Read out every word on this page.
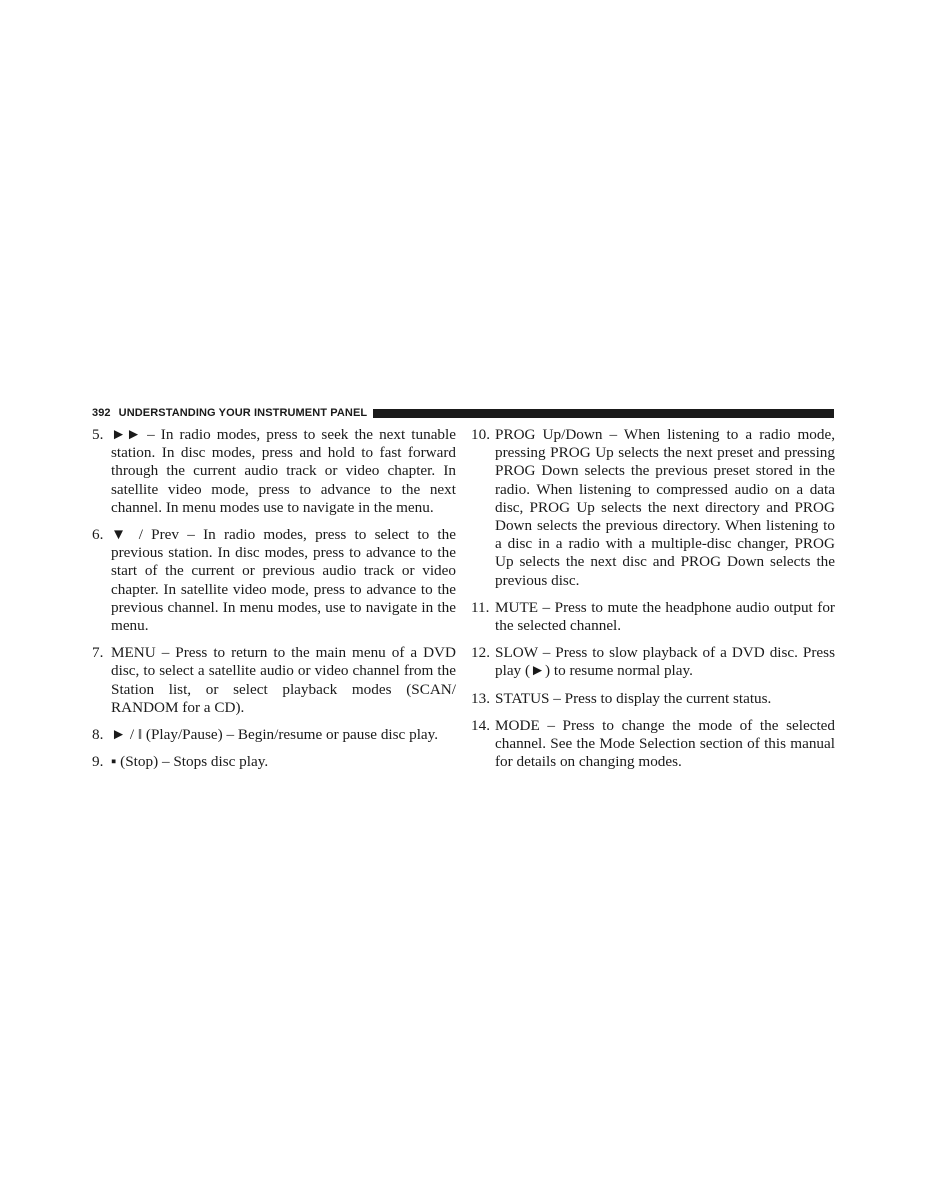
392 UNDERSTANDING YOUR INSTRUMENT PANEL
5. ►► – In radio modes, press to seek the next tunable station. In disc modes, press and hold to fast forward through the current audio track or video chapter. In satellite video mode, press to advance to the next channel. In menu modes use to navigate in the menu.
6. ▼ / Prev – In radio modes, press to select to the previous station. In disc modes, press to advance to the start of the current or previous audio track or video chapter. In satellite video mode, press to advance to the previous channel. In menu modes, use to navigate in the menu.
7. MENU – Press to return to the main menu of a DVD disc, to select a satellite audio or video channel from the Station list, or select playback modes (SCAN/ RANDOM for a CD).
8. ► / ‖ (Play/Pause) – Begin/resume or pause disc play.
9. ▪ (Stop) – Stops disc play.
10. PROG Up/Down – When listening to a radio mode, pressing PROG Up selects the next preset and pressing PROG Down selects the previous preset stored in the radio. When listening to compressed audio on a data disc, PROG Up selects the next directory and PROG Down selects the previous directory. When listening to a disc in a radio with a multiple-disc changer, PROG Up selects the next disc and PROG Down selects the previous disc.
11. MUTE – Press to mute the headphone audio output for the selected channel.
12. SLOW – Press to slow playback of a DVD disc. Press play (►) to resume normal play.
13. STATUS – Press to display the current status.
14. MODE – Press to change the mode of the selected channel. See the Mode Selection section of this manual for details on changing modes.
